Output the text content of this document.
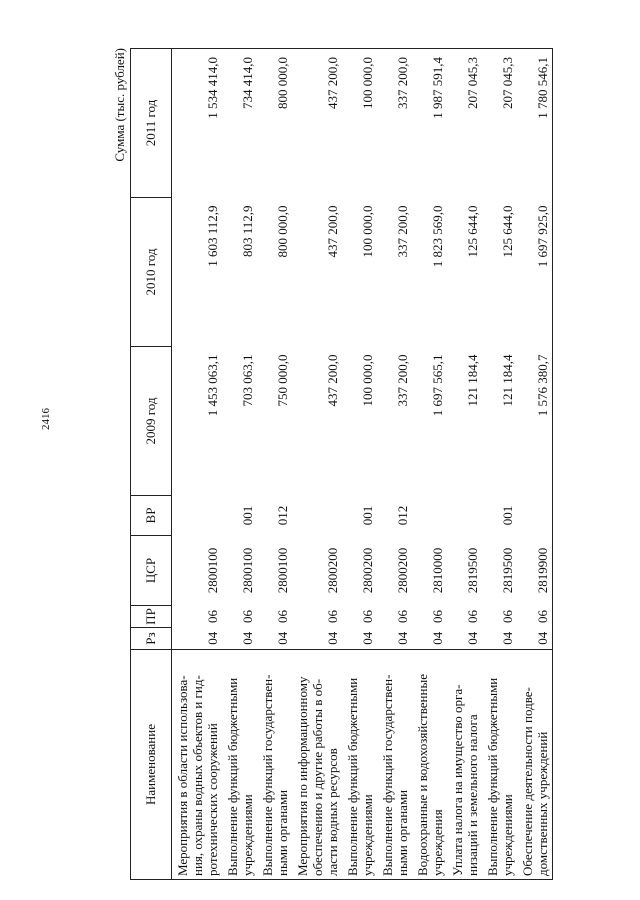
2416
Сумма (тыс. рублей)
Наименование	Рз	ПР	ЦСР	ВР	2009 год	2010 год	2011 год
Мероприятия в области использова-ния, охраны водных объектов и гид-ротехнических сооружений	04	06	2800100		1 453 063,1	1 603 112,9	1 534 414,0
Выполнение функций бюджетными учреждениями	04	06	2800100	001	703 063,1	803 112,9	734 414,0
Выполнение функций государствен-ными органами	04	06	2800100	012	750 000,0	800 000,0	800 000,0
Мероприятия по информационному обеспечению и другие работы в об-ласти водных ресурсов	04	06	2800200		437 200,0	437 200,0	437 200,0
Выполнение функций бюджетными учреждениями	04	06	2800200	001	100 000,0	100 000,0	100 000,0
Выполнение функций государствен-ными органами	04	06	2800200	012	337 200,0	337 200,0	337 200,0
Водоохранные и водохозяйственные учреждения	04	06	2810000		1 697 565,1	1 823 569,0	1 987 591,4
Уплата налога на имущество орга-низаций и земельного налога	04	06	2819500		121 184,4	125 644,0	207 045,3
Выполнение функций бюджетными учреждениями	04	06	2819500	001	121 184,4	125 644,0	207 045,3
Обеспечение деятельности подве-домственных учреждений	04	06	2819900		1 576 380,7	1 697 925,0	1 780 546,1
